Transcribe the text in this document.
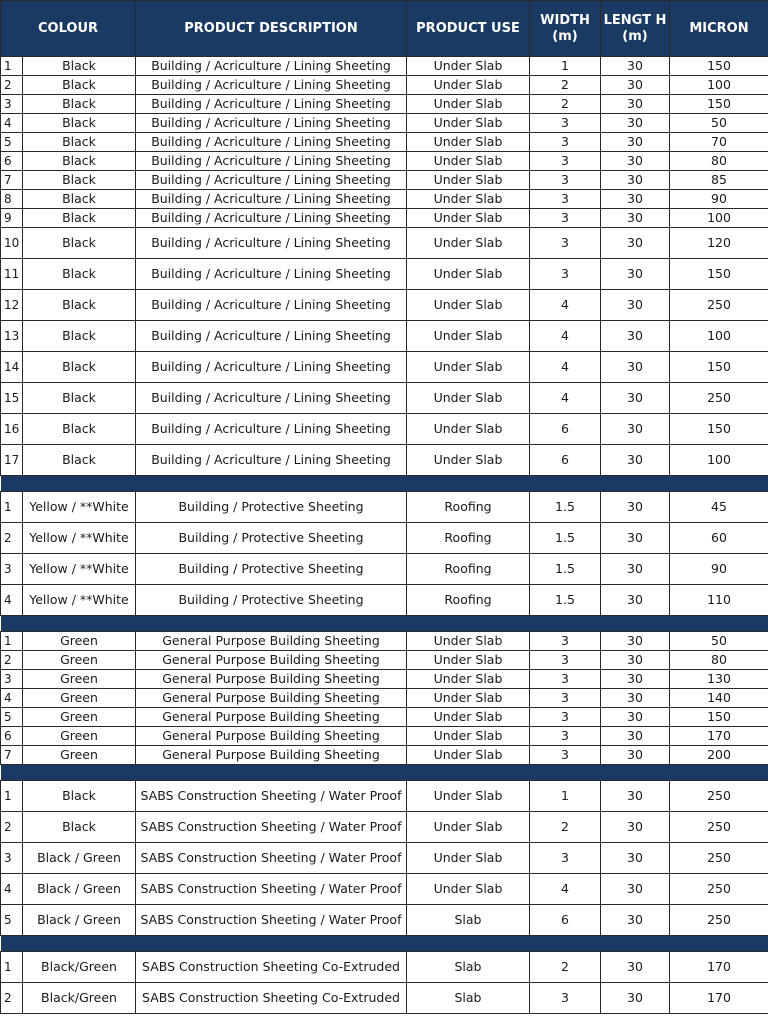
COLOUR		PRODUCT DESCRIPTION	PRODUCT USE	WIDTH (m)	LENGT H (m)	MICRON
1	Black	Building / Acriculture / Lining Sheeting	Under Slab	1	30	150
2	Black	Building / Acriculture / Lining Sheeting	Under Slab	2	30	100
3	Black	Building / Acriculture / Lining Sheeting	Under Slab	2	30	150
4	Black	Building / Acriculture / Lining Sheeting	Under Slab	3	30	50
5	Black	Building / Acriculture / Lining Sheeting	Under Slab	3	30	70
6	Black	Building / Acriculture / Lining Sheeting	Under Slab	3	30	80
7	Black	Building / Acriculture / Lining Sheeting	Under Slab	3	30	85
8	Black	Building / Acriculture / Lining Sheeting	Under Slab	3	30	90
9	Black	Building / Acriculture / Lining Sheeting	Under Slab	3	30	100
10	Black	Building / Acriculture / Lining Sheeting	Under Slab	3	30	120
11	Black	Building / Acriculture / Lining Sheeting	Under Slab	3	30	150
12	Black	Building / Acriculture / Lining Sheeting	Under Slab	4	30	250
13	Black	Building / Acriculture / Lining Sheeting	Under Slab	4	30	100
14	Black	Building / Acriculture / Lining Sheeting	Under Slab	4	30	150
15	Black	Building / Acriculture / Lining Sheeting	Under Slab	4	30	250
16	Black	Building / Acriculture / Lining Sheeting	Under Slab	6	30	150
17	Black	Building / Acriculture / Lining Sheeting	Under Slab	6	30	100

1	Yellow / **White	Building / Protective Sheeting	Roofing	1.5	30	45
2	Yellow / **White	Building / Protective Sheeting	Roofing	1.5	30	60
3	Yellow / **White	Building / Protective Sheeting	Roofing	1.5	30	90
4	Yellow / **White	Building / Protective Sheeting	Roofing	1.5	30	110

1	Green	General Purpose Building Sheeting	Under Slab	3	30	50
2	Green	General Purpose Building Sheeting	Under Slab	3	30	80
3	Green	General Purpose Building Sheeting	Under Slab	3	30	130
4	Green	General Purpose Building Sheeting	Under Slab	3	30	140
5	Green	General Purpose Building Sheeting	Under Slab	3	30	150
6	Green	General Purpose Building Sheeting	Under Slab	3	30	170
7	Green	General Purpose Building Sheeting	Under Slab	3	30	200

1	Black	SABS Construction Sheeting / Water Proof	Under Slab	1	30	250
2	Black	SABS Construction Sheeting / Water Proof	Under Slab	2	30	250
3	Black / Green	SABS Construction Sheeting / Water Proof	Under Slab	3	30	250
4	Black / Green	SABS Construction Sheeting / Water Proof	Under Slab	4	30	250
5	Black / Green	SABS Construction Sheeting / Water Proof	Slab	6	30	250

1	Black/Green	SABS Construction Sheeting Co-Extruded	Slab	2	30	170
2	Black/Green	SABS Construction Sheeting Co-Extruded	Slab	3	30	170
